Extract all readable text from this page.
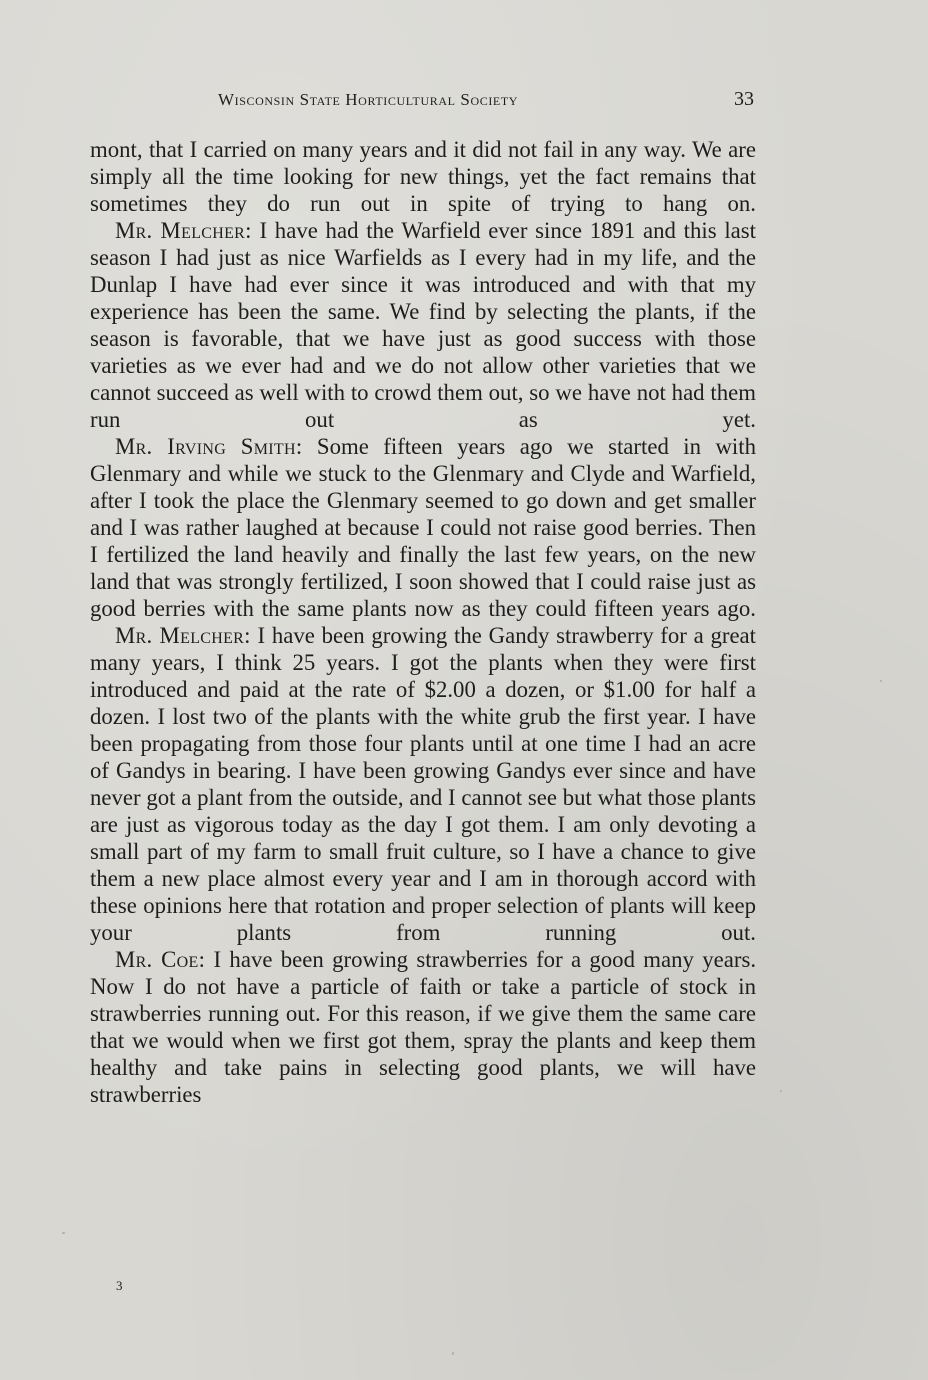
Wisconsin State Horticultural Society	33

mont, that I carried on many years and it did not fail in any way. We are simply all the time looking for new things, yet the fact remains that sometimes they do run out in spite of trying to hang on.

Mr. Melcher: I have had the Warfield ever since 1891 and this last season I had just as nice Warfields as I every had in my life, and the Dunlap I have had ever since it was introduced and with that my experience has been the same. We find by selecting the plants, if the season is favorable, that we have just as good success with those varieties as we ever had and we do not allow other varieties that we cannot succeed as well with to crowd them out, so we have not had them run out as yet.

Mr. Irving Smith: Some fifteen years ago we started in with Glenmary and while we stuck to the Glenmary and Clyde and Warfield, after I took the place the Glenmary seemed to go down and get smaller and I was rather laughed at because I could not raise good berries. Then I fertilized the land heavily and finally the last few years, on the new land that was strongly fertilized, I soon showed that I could raise just as good berries with the same plants now as they could fifteen years ago.

Mr. Melcher: I have been growing the Gandy strawberry for a great many years, I think 25 years. I got the plants when they were first introduced and paid at the rate of $2.00 a dozen, or $1.00 for half a dozen. I lost two of the plants with the white grub the first year. I have been propagating from those four plants until at one time I had an acre of Gandys in bearing. I have been growing Gandys ever since and have never got a plant from the outside, and I cannot see but what those plants are just as vigorous today as the day I got them. I am only devoting a small part of my farm to small fruit culture, so I have a chance to give them a new place almost every year and I am in thorough accord with these opinions here that rotation and proper selection of plants will keep your plants from running out.

Mr. Coe: I have been growing strawberries for a good many years. Now I do not have a particle of faith or take a particle of stock in strawberries running out. For this reason, if we give them the same care that we would when we first got them, spray the plants and keep them healthy and take pains in selecting good plants, we will have strawberries

3
